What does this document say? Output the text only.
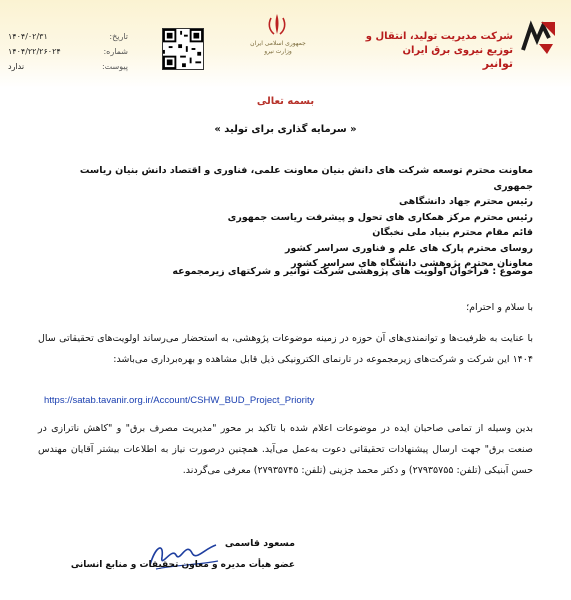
شرکت مدیریت تولید، انتقال و توزیع نیروی برق ایران
توانیر
جمهوری اسلامی ایران
وزارت نیرو
۱۴۰۴/۰۲/۳۱	تاریخ:
۱۴۰۴/۲۲/۲۶۰۲۴	شماره:
ندارد	پیوست:
بسمه تعالی
« سرمایه گذاری برای تولید »
معاونت محترم توسعه شرکت های دانش بنیان معاونت علمی، فناوری و اقتصاد دانش بنیان ریاست جمهوری
رئیس محترم جهاد دانشگاهی
رئیس محترم مرکز همکاری های تحول و پیشرفت ریاست جمهوری
قائم مقام محترم بنیاد ملی نخبگان
روسای محترم پارک های علم و فناوری سراسر کشور
معاونان محترم پژوهشی دانشگاه های سراسر کشور
موضوع : فراخوان اولویت های پژوهشی شرکت توانیر و شرکتهای زیرمجموعه
با سلام و احترام؛
با عنایت به ظرفیت‌ها و توانمندی‌های آن حوزه در زمینه موضوعات پژوهشی، به استحضار می‌رساند اولویت‌های تحقیقاتی سال ۱۴۰۴ این شرکت و شرکت‌های زیرمجموعه در تارنمای الکترونیکی ذیل قابل مشاهده و بهره‌برداری می‌باشد:
https://satab.tavanir.org.ir/Account/CSHW_BUD_Project_Priority
بدین وسیله از تمامی صاحبان ایده در موضوعات اعلام شده با تاکید بر محور "مدیریت مصرف برق" و "کاهش ناترازی در صنعت برق" جهت ارسال پیشنهادات تحقیقاتی دعوت به‌عمل می‌آید. همچنین درصورت نیاز به اطلاعات بیشتر آقایان مهندس حسن آبنیکی (تلفن: ۲۷۹۳۵۷۵۵) و دکتر محمد جزینی (تلفن: ۲۷۹۳۵۷۴۵) معرفی می‌گردند.
مسعود قاسمی
عضو هیأت مدیره و معاون تحقیقات و منابع انسانی
